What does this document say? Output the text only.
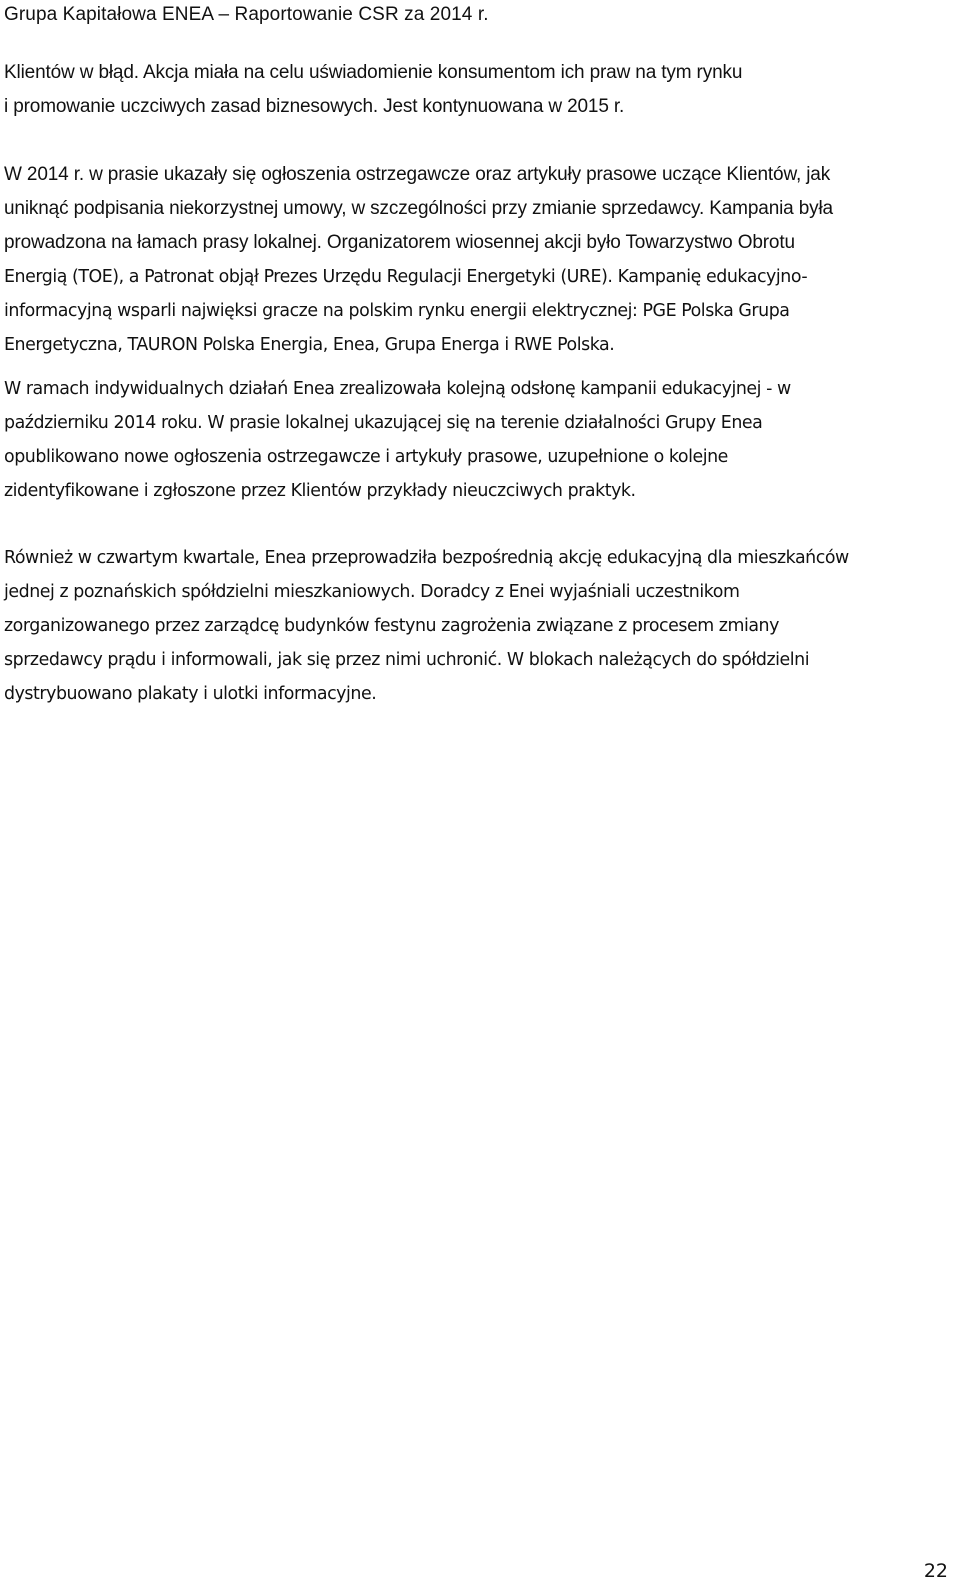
Grupa Kapitałowa ENEA – Raportowanie CSR za 2014 r.
Klientów w błąd. Akcja miała na celu uświadomienie konsumentom ich praw na tym rynku
i promowanie uczciwych zasad biznesowych. Jest kontynuowana w 2015 r.
W 2014 r. w prasie ukazały się ogłoszenia ostrzegawcze oraz artykuły prasowe uczące Klientów, jak
uniknąć podpisania niekorzystnej umowy, w szczególności przy zmianie sprzedawcy. Kampania była
prowadzona na łamach prasy lokalnej. Organizatorem wiosennej akcji było Towarzystwo Obrotu
Energią (TOE), a Patronat objął Prezes Urzędu Regulacji Energetyki (URE). Kampanię edukacyjno-
informacyjną wsparli najwięksi gracze na polskim rynku energii elektrycznej: PGE Polska Grupa
Energetyczna, TAURON Polska Energia, Enea, Grupa Energa i RWE Polska.
W ramach indywidualnych działań Enea zrealizowała kolejną odsłonę kampanii edukacyjnej - w
październiku 2014 roku. W prasie lokalnej ukazującej się na terenie działalności Grupy Enea
opublikowano nowe ogłoszenia ostrzegawcze i artykuły prasowe, uzupełnione o kolejne
zidentyfikowane i zgłoszone przez Klientów przykłady nieuczciwych praktyk.
Również w czwartym kwartale, Enea przeprowadziła bezpośrednią akcję edukacyjną dla mieszkańców
jednej z poznańskich spółdzielni mieszkaniowych. Doradcy z Enei wyjaśniali uczestnikom
zorganizowanego przez zarządcę budynków festynu zagrożenia związane z procesem zmiany
sprzedawcy prądu i informowali, jak się przez nimi uchronić. W blokach należących do spółdzielni
dystrybuowano plakaty i ulotki informacyjne.
22
